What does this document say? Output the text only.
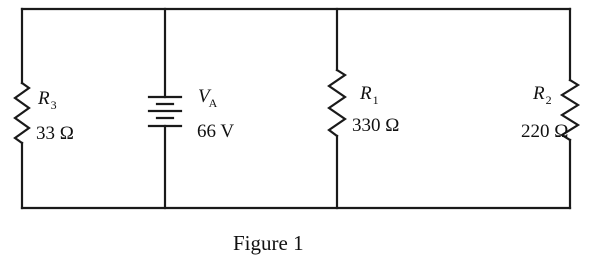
$R_3$
33 Ω
VA
66 V
$R_1$
330 Ω
$R_2$
220 Ω
Figure 1
